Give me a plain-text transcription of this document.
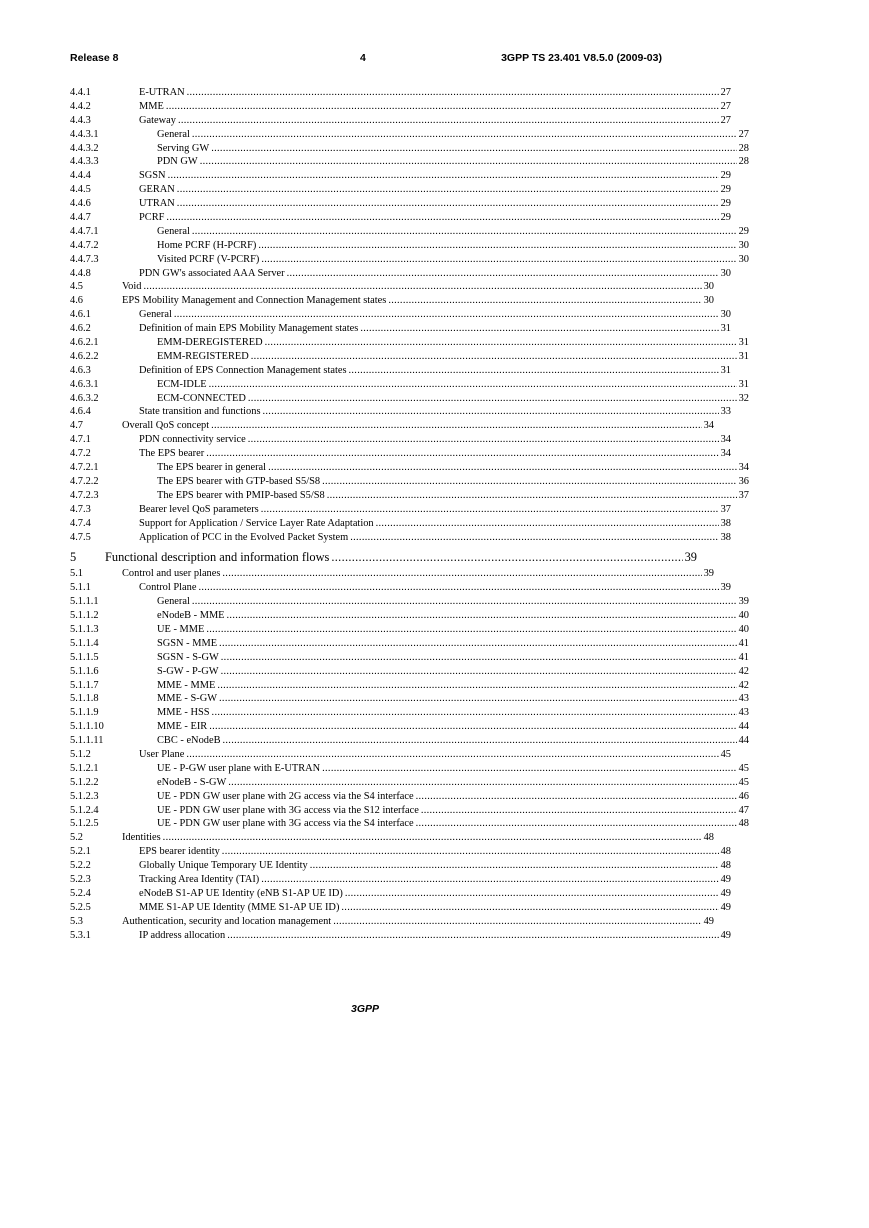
Release 8	4	3GPP TS 23.401 V8.5.0 (2009-03)
4.4.1	E-UTRAN .....	27
4.4.2	MME .....	27
4.4.3	Gateway .....	27
4.4.3.1	General .....	27
4.4.3.2	Serving GW .....	28
4.4.3.3	PDN GW .....	28
4.4.4	SGSN .....	29
4.4.5	GERAN .....	29
4.4.6	UTRAN .....	29
4.4.7	PCRF .....	29
4.4.7.1	General .....	29
4.4.7.2	Home PCRF (H-PCRF) .....	30
4.4.7.3	Visited PCRF (V-PCRF) .....	30
4.4.8	PDN GW's associated AAA Server .....	30
4.5	Void .....	30
4.6	EPS Mobility Management and Connection Management states .....	30
4.6.1	General .....	30
4.6.2	Definition of main EPS Mobility Management states .....	31
4.6.2.1	EMM-DEREGISTERED .....	31
4.6.2.2	EMM-REGISTERED .....	31
4.6.3	Definition of EPS Connection Management states .....	31
4.6.3.1	ECM-IDLE .....	31
4.6.3.2	ECM-CONNECTED .....	32
4.6.4	State transition and functions .....	33
4.7	Overall QoS concept .....	34
4.7.1	PDN connectivity service .....	34
4.7.2	The EPS bearer .....	34
4.7.2.1	The EPS bearer in general .....	34
4.7.2.2	The EPS bearer with GTP-based S5/S8 .....	36
4.7.2.3	The EPS bearer with PMIP-based S5/S8 .....	37
4.7.3	Bearer level QoS parameters .....	37
4.7.4	Support for Application / Service Layer Rate Adaptation .....	38
4.7.5	Application of PCC in the Evolved Packet System .....	38
5 Functional description and information flows .....	39
5.1	Control and user planes .....	39
5.1.1	Control Plane .....	39
5.1.1.1	General .....	39
5.1.1.2	eNodeB - MME .....	40
5.1.1.3	UE - MME .....	40
5.1.1.4	SGSN - MME .....	41
5.1.1.5	SGSN - S-GW .....	41
5.1.1.6	S-GW - P-GW .....	42
5.1.1.7	MME - MME .....	42
5.1.1.8	MME - S-GW .....	43
5.1.1.9	MME - HSS .....	43
5.1.1.10	MME - EIR .....	44
5.1.1.11	CBC - eNodeB .....	44
5.1.2	User Plane .....	45
5.1.2.1	UE - P-GW user plane with E-UTRAN .....	45
5.1.2.2	eNodeB - S-GW .....	45
5.1.2.3	UE - PDN GW user plane with 2G access via the S4 interface .....	46
5.1.2.4	UE - PDN GW user plane with 3G access via the S12 interface .....	47
5.1.2.5	UE - PDN GW user plane with 3G access via the S4 interface .....	48
5.2	Identities .....	48
5.2.1	EPS bearer identity .....	48
5.2.2	Globally Unique Temporary UE Identity .....	48
5.2.3	Tracking Area Identity (TAI) .....	49
5.2.4	eNodeB S1-AP UE Identity (eNB S1-AP UE ID) .....	49
5.2.5	MME S1-AP UE Identity (MME S1-AP UE ID) .....	49
5.3	Authentication, security and location management .....	49
5.3.1	IP address allocation .....	49
3GPP
